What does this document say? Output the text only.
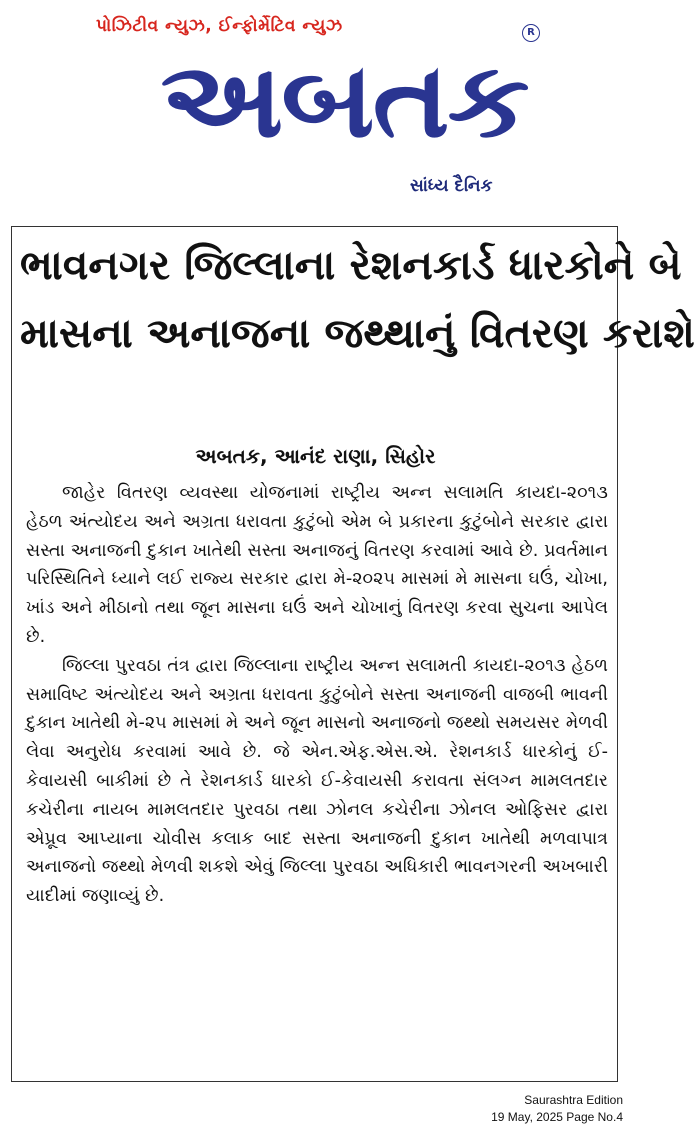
પોઝિટીવ ન્યુઝ, ઈન્ફોર્મેટિવ ન્યુઝ	R
અબતક
સાંધ્ય દૈનિક
ભાવનગર જિલ્લાના રેશનકાર્ડ ધારકોને બે
માસના અનાજના જથ્થાનું વિતરણ કરાશે
અબતક, આનંદ રાણા, સિહોર

જાહેર વિતરણ વ્યવસ્થા યોજનામાં રાષ્ટ્રીય અન્ન સલામતિ કાયદા-૨૦૧૩ હેઠળ અંત્યોદય અને અગ્રતા ધરાવતા કુટુંબો એમ બે પ્રકારના કુટુંબોને સરકાર દ્વારા સસ્તા અનાજની દુકાન ખાતેથી સસ્તા અનાજનું વિતરણ કરવામાં આવે છે. પ્રવર્તમાન પરિસ્થિતિને ધ્યાને લઈ રાજ્ય સરકાર દ્વારા મે-૨૦૨૫ માસમાં મે માસના ઘઉં, ચોખા, ખાંડ અને મીઠાનો તથા જૂન માસના ઘઉં અને ચોખાનું વિતરણ કરવા સુચના આપેલ છે.

જિલ્લા પુરવઠા તંત્ર દ્વારા જિલ્લાના રાષ્ટ્રીય અન્ન સલામતી કાયદા-૨૦૧૩ હેઠળ સમાવિષ્ટ અંત્યોદય અને અગ્રતા ધરાવતા કુટુંબોને સસ્તા અનાજની વાજબી ભાવની દુકાન ખાતેથી મે-૨૫ માસમાં મે અને જૂન માસનો અનાજનો જથ્થો સમયસર મેળવી લેવા અનુરોધ કરવામાં આવે છે. જે એન.એફ.એસ.એ. રેશનકાર્ડ ધારકોનું ઈ-કેવાયસી બાકીમાં છે તે રેશનકાર્ડ ધારકો ઈ-કેવાયસી કરાવતા સંલગ્ન મામલતદાર કચેરીના નાયબ મામલતદાર પુરવઠા તથા ઝોનલ કચેરીના ઝોનલ ઓફિસર દ્વારા એપ્રૂવ આપ્યાના ચોવીસ કલાક બાદ સસ્તા અનાજની દુકાન ખાતેથી મળવાપાત્ર અનાજનો જથ્થો મેળવી શકશે એવું જિલ્લા પુરવઠા અધિકારી ભાવનગરની અખબારી યાદીમાં જણાવ્યું છે.

Saurashtra Edition
19 May, 2025 Page No.4
